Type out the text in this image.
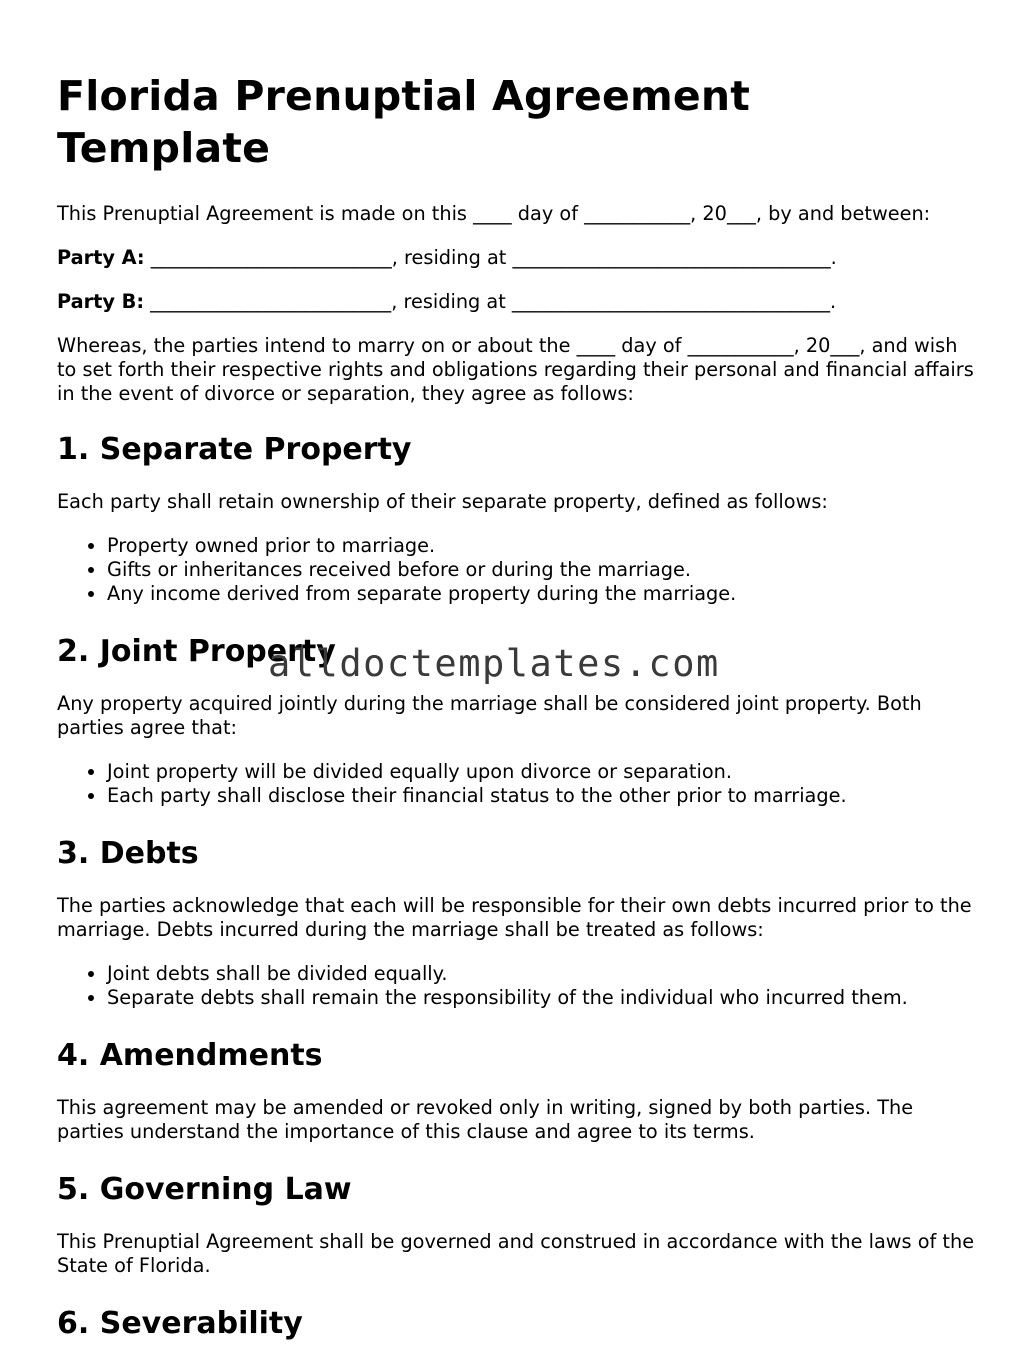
Florida Prenuptial Agreement Template

This Prenuptial Agreement is made on this ____ day of ___________, 20___, by and between:

Party A: _________________________, residing at _________________________________.

Party B: _________________________, residing at _________________________________.

Whereas, the parties intend to marry on or about the ____ day of ___________, 20___, and wish to set forth their respective rights and obligations regarding their personal and financial affairs in the event of divorce or separation, they agree as follows:

1. Separate Property

Each party shall retain ownership of their separate property, defined as follows:

• Property owned prior to marriage.
• Gifts or inheritances received before or during the marriage.
• Any income derived from separate property during the marriage.
2. Joint Property

Any property acquired jointly during the marriage shall be considered joint property. Both parties agree that:

• Joint property will be divided equally upon divorce or separation.
• Each party shall disclose their financial status to the other prior to marriage.
3. Debts

The parties acknowledge that each will be responsible for their own debts incurred prior to the marriage. Debts incurred during the marriage shall be treated as follows:

• Joint debts shall be divided equally.
• Separate debts shall remain the responsibility of the individual who incurred them.
4. Amendments

This agreement may be amended or revoked only in writing, signed by both parties. The parties understand the importance of this clause and agree to its terms.

5. Governing Law

This Prenuptial Agreement shall be governed and construed in accordance with the laws of the State of Florida.

6. Severability
alldoctemplates.com
